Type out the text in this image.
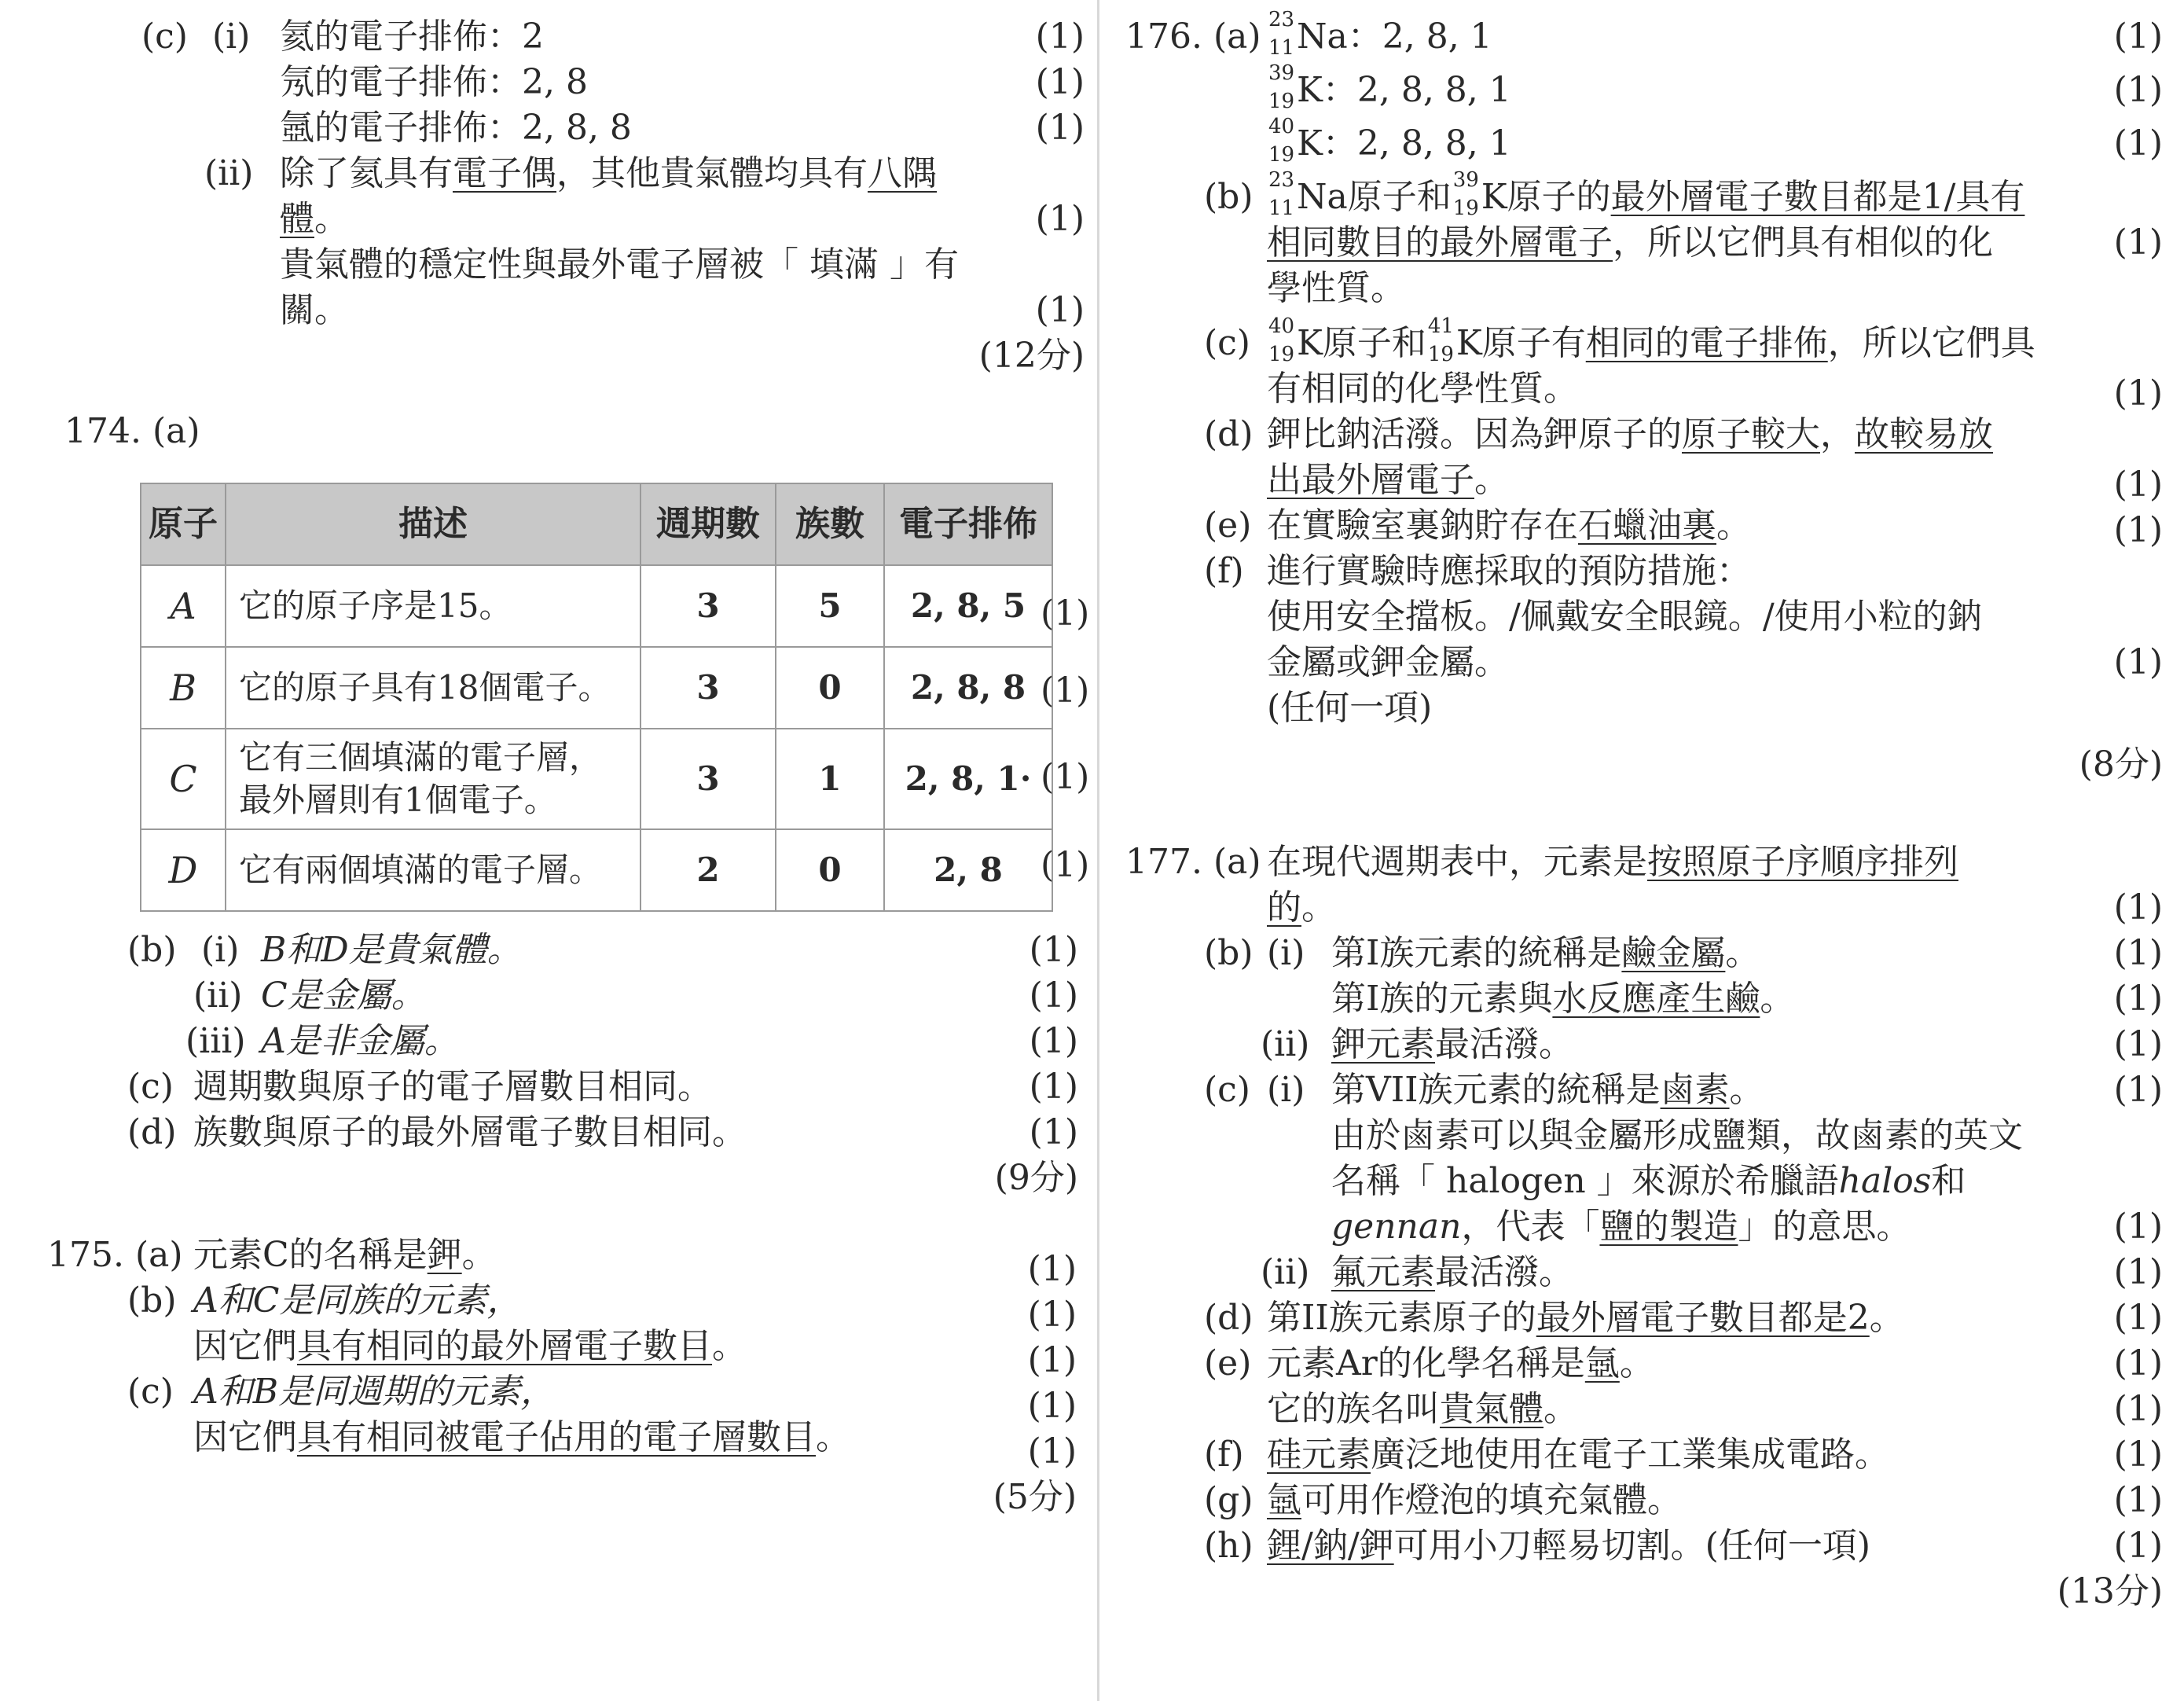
(c) (i) 氦的電子排佈：2	(1)
氖的電子排佈：2, 8	(1)
氬的電子排佈：2, 8, 8	(1)
(ii) 除了氦具有電子偶，其他貴氣體均具有八隅
體。	(1)
貴氣體的穩定性與最外電子層被「 填滿 」有
關。	(1)
(12分)
174. (a)
原子	描述	週期數	族數	電子排佈
A	它的原子序是15。	3	5	2, 8, 5
B	它的原子具有18個電子。	3	0	2, 8, 8
C	它有三個填滿的電子層，
最外層則有1個電子。	3	1	2, 8, 1·
D	它有兩個填滿的電子層。	2	0	2, 8
(1)
(1)
(1)
(1)
(b) (i) B和D是貴氣體。	(1)
(ii) C是金屬。	(1)
(iii) A是非金屬。	(1)
(c) 週期數與原子的電子層數目相同。	(1)
(d) 族數與原子的最外層電子數目相同。	(1)
(9分)
175. (a) 元素C的名稱是鉀。	(1)
(b) A和C是同族的元素，	(1)
因它們具有相同的最外層電子數目。	(1)
(c) A和B是同週期的元素，	(1)
因它們具有相同被電子佔用的電子層數目。	(1)
(5分)
176. (a) 23
11 Na：2, 8, 1	(1)
39
19 K：2, 8, 8, 1	(1)
40
19 K：2, 8, 8, 1	(1)
(b) 23
11 Na原子和 39
19 K原子的最外層電子數目都是1/具有
相同數目的最外層電子，所以它們具有相似的化	(1)
學性質。
(c) 40
19 K原子和 41
19 K原子有相同的電子排佈，所以它們具
有相同的化學性質。	(1)
(d) 鉀比鈉活潑。因為鉀原子的原子較大，故較易放
出最外層電子。	(1)
(e) 在實驗室裏鈉貯存在石蠟油裏。	(1)
(f) 進行實驗時應採取的預防措施：
使用安全擋板。/佩戴安全眼鏡。/使用小粒的鈉
金屬或鉀金屬。	(1)
(任何一項)
(8分)
177. (a) 在現代週期表中，元素是按照原子序順序排列
的。	(1)
(b) (i) 第I族元素的統稱是鹼金屬。	(1)
第I族的元素與水反應產生鹼。	(1)
(ii) 鉀元素最活潑。	(1)
(c) (i) 第VII族元素的統稱是鹵素。	(1)
由於鹵素可以與金屬形成鹽類，故鹵素的英文
名稱「 halogen 」來源於希臘語halos和
gennan，代表「鹽的製造」的意思。	(1)
(ii) 氟元素最活潑。	(1)
(d) 第II族元素原子的最外層電子數目都是2。	(1)
(e) 元素Ar的化學名稱是氬。	(1)
它的族名叫貴氣體。	(1)
(f) 硅元素廣泛地使用在電子工業集成電路。	(1)
(g) 氬可用作燈泡的填充氣體。	(1)
(h) 鋰/鈉/鉀可用小刀輕易切割。(任何一項)	(1)
(13分)
